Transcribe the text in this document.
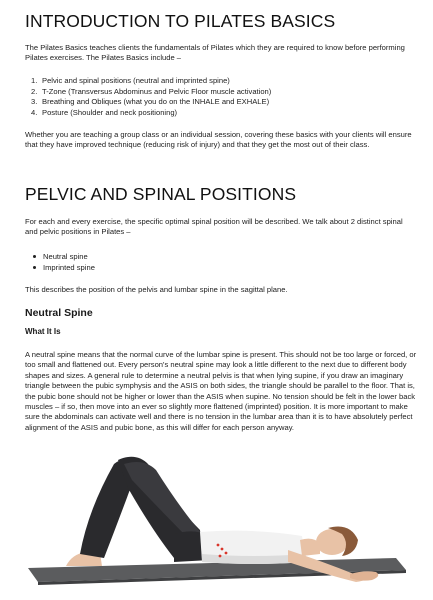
INTRODUCTION TO PILATES BASICS

The Pilates Basics teaches clients the fundamentals of Pilates which they are required to know before performing Pilates exercises. The Pilates Basics include –

1. Pelvic and spinal positions (neutral and imprinted spine)
2. T-Zone (Transversus Abdominus and Pelvic Floor muscle activation)
3. Breathing and Obliques (what you do on the INHALE and EXHALE)
4. Posture (Shoulder and neck positioning)

Whether you are teaching a group class or an individual session, covering these basics with your clients will ensure that they have improved technique (reducing risk of injury) and that they get the most out of their class.

PELVIC AND SPINAL POSITIONS

For each and every exercise, the specific optimal spinal position will be described. We talk about 2 distinct spinal and pelvic positions in Pilates –

Neutral spine
Imprinted spine

This describes the position of the pelvis and lumbar spine in the sagittal plane.

Neutral Spine
What It Is

A neutral spine means that the normal curve of the lumbar spine is present. This should not be too large or forced, or too small and flattened out. Every person's neutral spine may look a little different to the next due to different body shapes and sizes. A general rule to determine a neutral pelvis is that when lying supine, if you draw an imaginary triangle between the pubic symphysis and the ASIS on both sides, the triangle should be parallel to the floor. That is, the pubic bone should not be higher or lower than the ASIS when supine. No tension should be felt in the lower back muscles – if so, then move into an ever so slightly more flattened (imprinted) position. It is more important to make sure the abdominals can activate well and there is no tension in the lumbar area than it is to have absolutely perfect alignment of the ASIS and pubic bone, as this will differ for each person anyway.
